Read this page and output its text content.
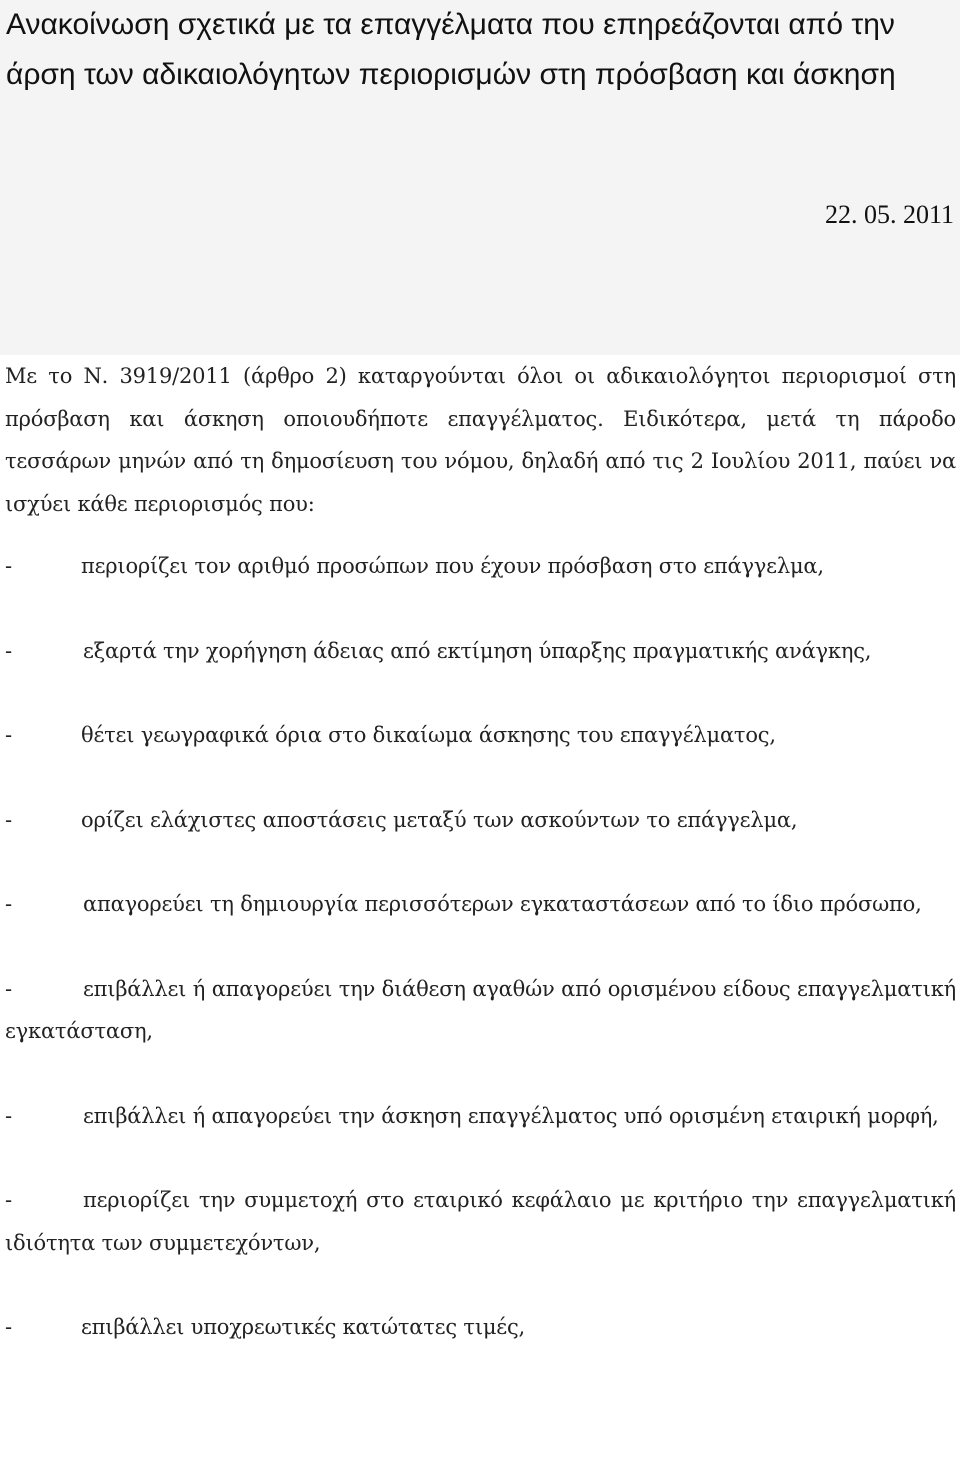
Ανακοίνωση σχετικά με τα επαγγέλματα που επηρεάζονται από την άρση των αδικαιολόγητων περιορισμών στη πρόσβαση και άσκηση
22. 05. 2011

Με το Ν. 3919/2011 (άρθρο 2) καταργούνται όλοι οι αδικαιολόγητοι περιορισμοί στη πρόσβαση και άσκηση οποιουδήποτε επαγγέλματος. Ειδικότερα, μετά τη πάροδο τεσσάρων μηνών από τη δημοσίευση του νόμου, δηλαδή από τις 2 Ιουλίου 2011, παύει να ισχύει κάθε περιορισμός που:

-	περιορίζει τον αριθμό προσώπων που έχουν πρόσβαση στο επάγγελμα,
-	εξαρτά την χορήγηση άδειας από εκτίμηση ύπαρξης πραγματικής ανάγκης,
-	θέτει γεωγραφικά όρια στο δικαίωμα άσκησης του επαγγέλματος,
-	ορίζει ελάχιστες αποστάσεις μεταξύ των ασκούντων το επάγγελμα,
-	απαγορεύει τη δημιουργία περισσότερων εγκαταστάσεων από το ίδιο πρόσωπο,
-	επιβάλλει ή απαγορεύει την διάθεση αγαθών από ορισμένου είδους επαγγελματική εγκατάσταση,
-	επιβάλλει ή απαγορεύει την άσκηση επαγγέλματος υπό ορισμένη εταιρική μορφή,
-	περιορίζει την συμμετοχή στο εταιρικό κεφάλαιο με κριτήριο την επαγγελματική ιδιότητα των συμμετεχόντων,
-	επιβάλλει υποχρεωτικές κατώτατες τιμές,
